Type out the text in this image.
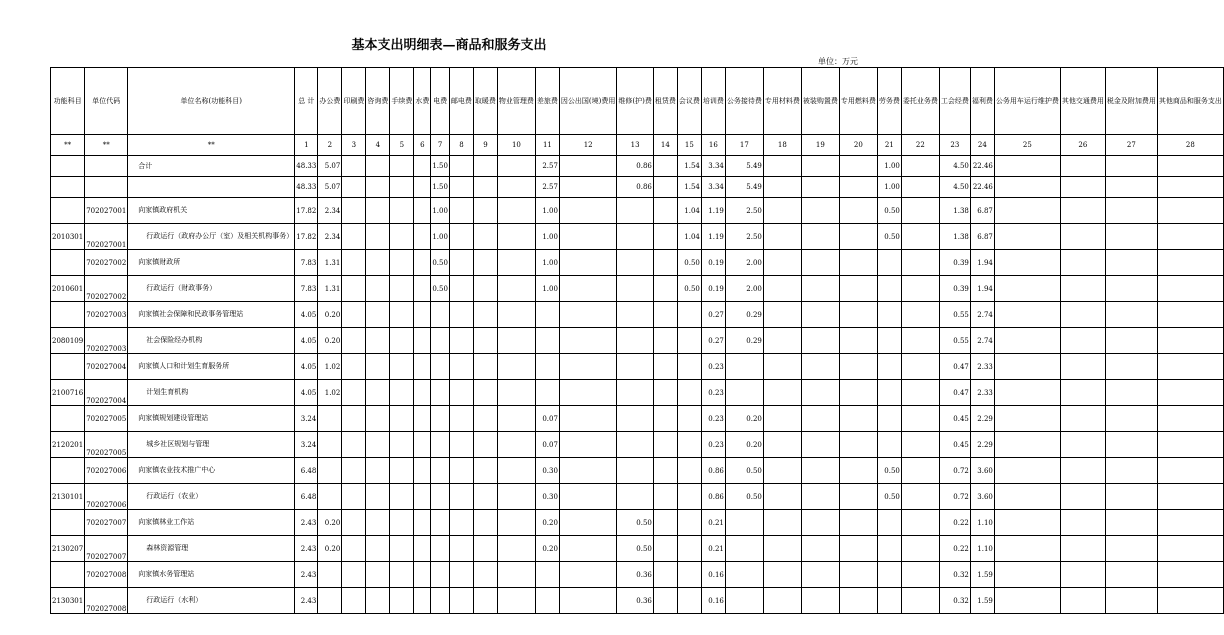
基本支出明细表—商品和服务支出
单位：万元
功能科目	单位代码	单位名称(功能科目)	总 计	办公费	印刷费	咨询费	手续费	水费	电费	邮电费	取暖费	物业管理费	差旅费	因公出国(境)费用	维修(护)费	租赁费	会议费	培训费	公务接待费	专用材料费	被装购置费	专用燃料费	劳务费	委托业务费	工会经费	福利费	公务用车运行维护费	其他交通费用	税金及附加费用	其他商品和服务支出
**	**	**	1	2	3	4	5	6	7	8	9	10	11	12	13	14	15	16	17	18	19	20	21	22	23	24	25	26	27	28
		合计	48.33	5.07					1.50				2.57		0.86		1.54	3.34	5.49				1.00		4.50	22.46				
			48.33	5.07					1.50				2.57		0.86		1.54	3.34	5.49				1.00		4.50	22.46				
	702027001	向家镇政府机关	17.82	2.34					1.00				1.00				1.04	1.19	2.50				0.50		1.38	6.87				
2010301	702027001	行政运行（政府办公厅（室）及相关机构事务）	17.82	2.34					1.00				1.00				1.04	1.19	2.50				0.50		1.38	6.87				
	702027002	向家镇财政所	7.83	1.31					0.50				1.00				0.50	0.19	2.00						0.39	1.94				
2010601	702027002	行政运行（财政事务）	7.83	1.31					0.50				1.00				0.50	0.19	2.00						0.39	1.94				
	702027003	向家镇社会保障和民政事务管理站	4.05	0.20														0.27	0.29						0.55	2.74				
2080109	702027003	社会保险经办机构	4.05	0.20														0.27	0.29						0.55	2.74				
	702027004	向家镇人口和计划生育服务所	4.05	1.02														0.23							0.47	2.33				
2100716	702027004	计划生育机构	4.05	1.02														0.23							0.47	2.33				
	702027005	向家镇规划建设管理站	3.24										0.07					0.23	0.20						0.45	2.29				
2120201	702027005	城乡社区规划与管理	3.24										0.07					0.23	0.20						0.45	2.29				
	702027006	向家镇农业技术推广中心	6.48										0.30					0.86	0.50				0.50		0.72	3.60				
2130101	702027006	行政运行（农业）	6.48										0.30					0.86	0.50				0.50		0.72	3.60				
	702027007	向家镇林业工作站	2.43	0.20									0.20		0.50			0.21							0.22	1.10				
2130207	702027007	森林资源管理	2.43	0.20									0.20		0.50			0.21							0.22	1.10				
	702027008	向家镇水务管理站	2.43												0.36			0.16							0.32	1.59				
2130301	702027008	行政运行（水利）	2.43												0.36			0.16							0.32	1.59				
